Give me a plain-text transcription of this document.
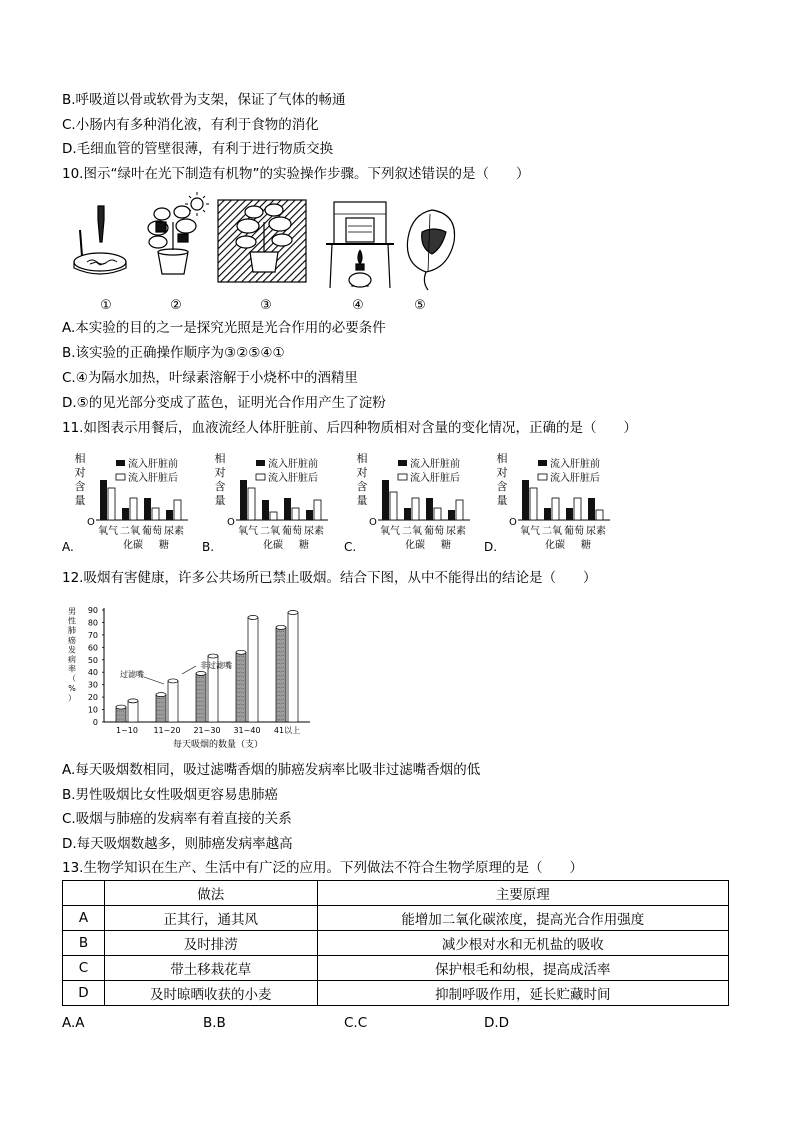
B.呼吸道以骨或软骨为支架，保证了气体的畅通
C.小肠内有多种消化液，有利于食物的消化
D.毛细血管的管壁很薄，有利于进行物质交换
10.图示“绿叶在光下制造有机物”的实验操作步骤。下列叙述错误的是（　　）
①	②	③	④	⑤
A.本实验的目的之一是探究光照是光合作用的必要条件
B.该实验的正确操作顺序为③②⑤④①
C.④为隔水加热，叶绿素溶解于小烧杯中的酒精里
D.⑤的见光部分变成了蓝色，证明光合作用产生了淀粉
11.如图表示用餐后，血液流经人体肝脏前、后四种物质相对含量的变化情况，正确的是（　　）
A.
相
对
含
量
O
流入肝脏前
流入肝脏后
氧气 二氧 葡萄 尿素
化碳 糖	B.
相
对
含
量
O
流入肝脏前
流入肝脏后
氧气 二氧 葡萄 尿素
化碳 糖	C.
相
对
含
量
O
流入肝脏前
流入肝脏后
氧气 二氧 葡萄 尿素
化碳 糖	D.
相
对
含
量
O
流入肝脏前
流入肝脏后
氧气 二氧 葡萄 尿素
化碳 糖
12.吸烟有害健康，许多公共场所已禁止吸烟。结合下图，从中不能得出的结论是（　　）
男
性
肺
癌
发
病
率
（
%
）
90
80
70
60
50
40
30
20
10
0
1~10 11~20 21~30 31~40 41以上
非过滤嘴
过滤嘴
每天吸烟的数量（支）
A.每天吸烟数相同，吸过滤嘴香烟的肺癌发病率比吸非过滤嘴香烟的低
B.男性吸烟比女性吸烟更容易患肺癌
C.吸烟与肺癌的发病率有着直接的关系
D.每天吸烟数越多，则肺癌发病率越高
13.生物学知识在生产、生活中有广泛的应用。下列做法不符合生物学原理的是（　　）
	做法	主要原理
A	正其行，通其风	能增加二氧化碳浓度，提高光合作用强度
B	及时排涝	减少根对水和无机盐的吸收
C	带土移栽花草	保护根毛和幼根，提高成活率
D	及时晾晒收获的小麦	抑制呼吸作用，延长贮藏时间
A.A	B.B	C.C	D.D
